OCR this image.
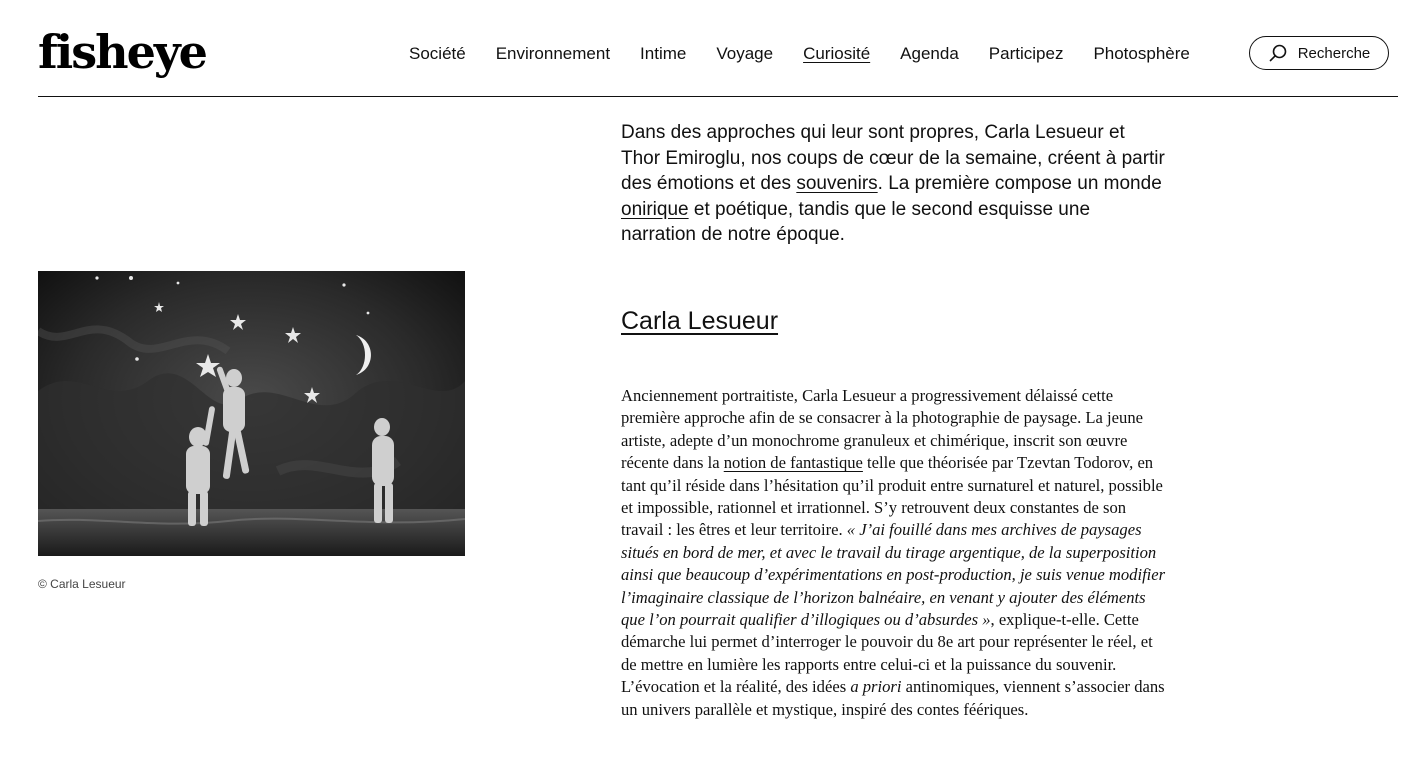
fisheye	Société Environnement Intime Voyage Curiosité Agenda Participez Photosphère	Recherche

Dans des approches qui leur sont propres, Carla Lesueur et Thor Emiroglu, nos coups de cœur de la semaine, créent à partir des émotions et des souvenirs. La première compose un monde onirique et poétique, tandis que le second esquisse une narration de notre époque.

© Carla Lesueur
Carla Lesueur

Anciennement portraitiste, Carla Lesueur a progressivement délaissé cette première approche afin de se consacrer à la photographie de paysage. La jeune artiste, adepte d’un monochrome granuleux et chimérique, inscrit son œuvre récente dans la notion de fantastique telle que théorisée par Tzevtan Todorov, en tant qu’il réside dans l’hésitation qu’il produit entre surnaturel et naturel, possible et impossible, rationnel et irrationnel. S’y retrouvent deux constantes de son travail : les êtres et leur territoire. « J’ai fouillé dans mes archives de paysages situés en bord de mer, et avec le travail du tirage argentique, de la superposition ainsi que beaucoup d’expérimentations en post-production, je suis venue modifier l’imaginaire classique de l’horizon balnéaire, en venant y ajouter des éléments que l’on pourrait qualifier d’illogiques ou d’absurdes », explique-t-elle. Cette démarche lui permet d’interroger le pouvoir du 8e art pour représenter le réel, et de mettre en lumière les rapports entre celui-ci et la puissance du souvenir. L’évocation et la réalité, des idées a priori antinomiques, viennent s’associer dans un univers parallèle et mystique, inspiré des contes féériques.
